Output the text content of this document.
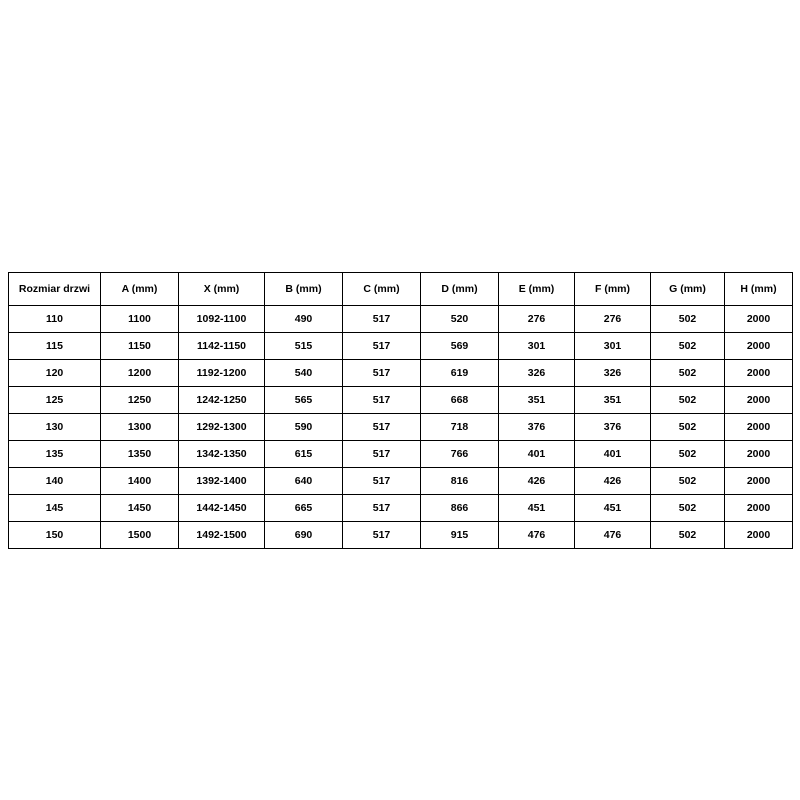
Rozmiar drzwi	A (mm)	X (mm)	B (mm)	C (mm)	D (mm)	E (mm)	F (mm)	G (mm)	H (mm)
110	1100	1092-1100	490	517	520	276	276	502	2000
115	1150	1142-1150	515	517	569	301	301	502	2000
120	1200	1192-1200	540	517	619	326	326	502	2000
125	1250	1242-1250	565	517	668	351	351	502	2000
130	1300	1292-1300	590	517	718	376	376	502	2000
135	1350	1342-1350	615	517	766	401	401	502	2000
140	1400	1392-1400	640	517	816	426	426	502	2000
145	1450	1442-1450	665	517	866	451	451	502	2000
150	1500	1492-1500	690	517	915	476	476	502	2000
